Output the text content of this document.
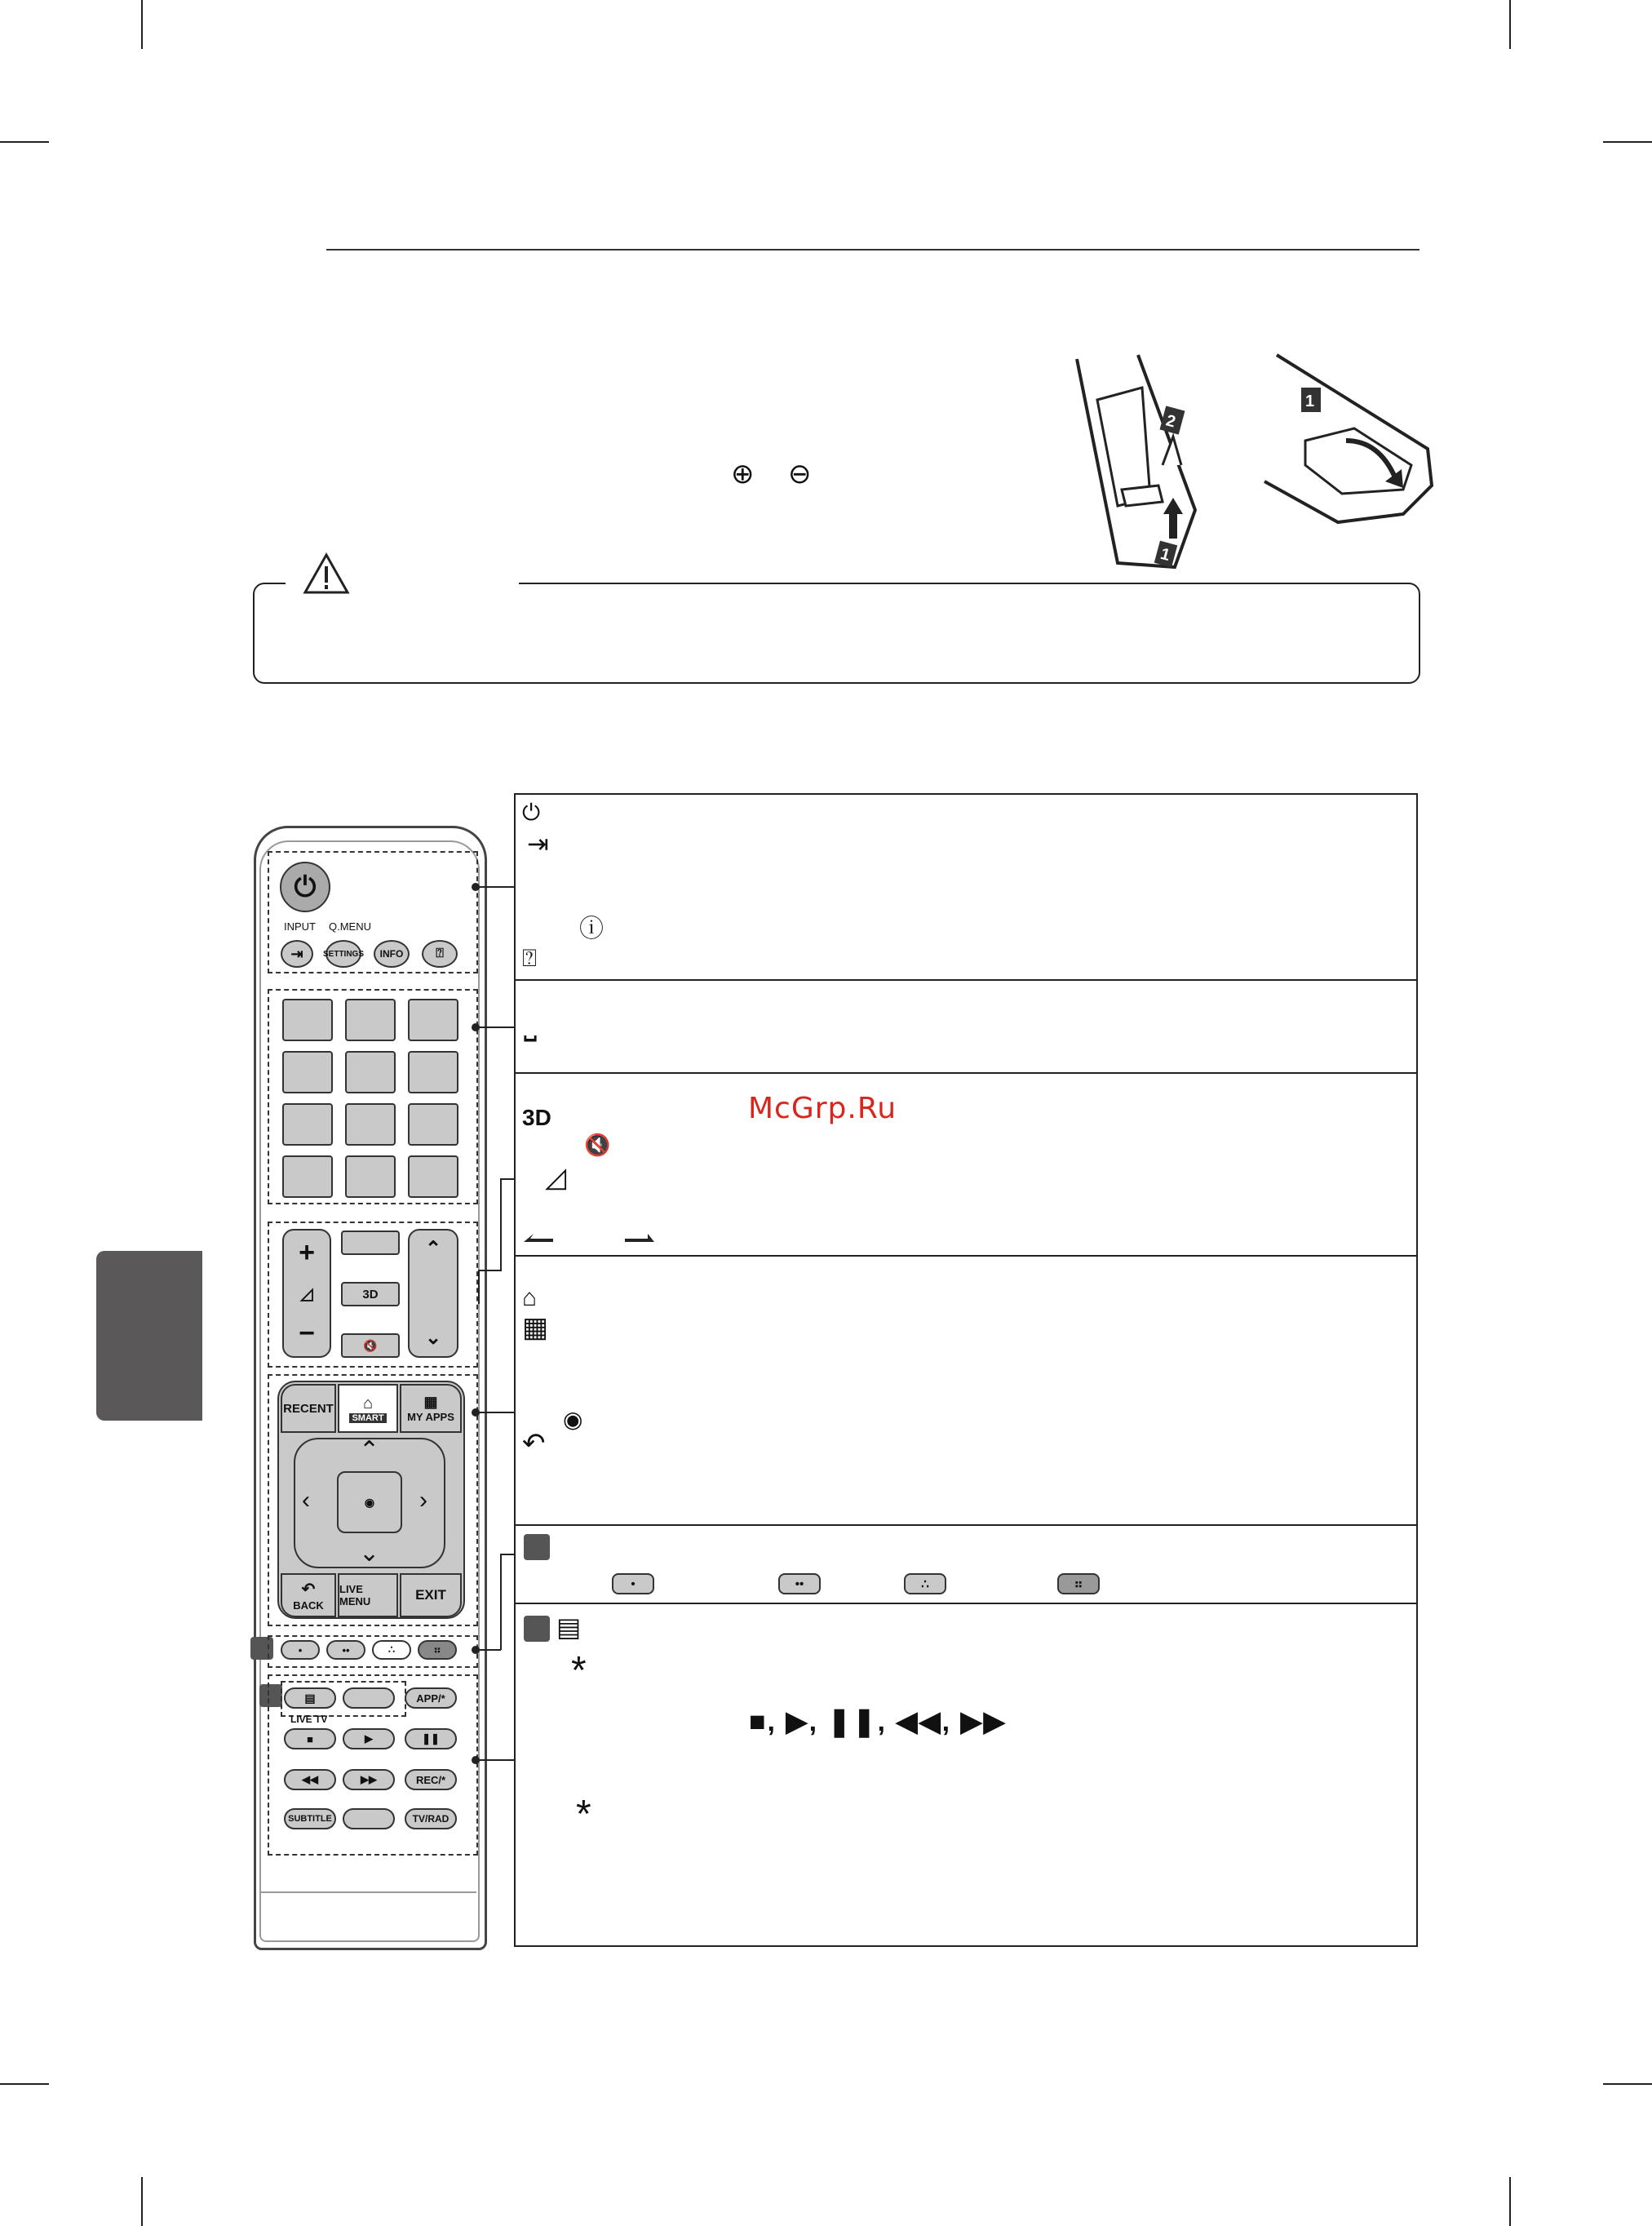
⊕ ⊖
2
1
1
⏻
INPUT Q.MENU
⇥	SETTINGS	INFO	⍰
+
◿
−
3D
🔇
⌃
⌄
RECENT ⌂
SMART
▦
MY APPS
⌃
⌄
‹	›
◉
↶
BACK
LIVE MENU	EXIT
•	••	∴	⠶
▤	APP/*
LIVE TV
■	▶	❚❚
◀◀	▶▶	REC/*
SUBTITLE	TV/RAD
⏻
⇥
ⓘ
⍰
⎵
3D	McGrp.Ru
🔇
◿
⌂
▦
◉
↶
•	••	∴	⠶
▤
*
■, ▶, ❚❚, ◀◀, ▶▶
*
